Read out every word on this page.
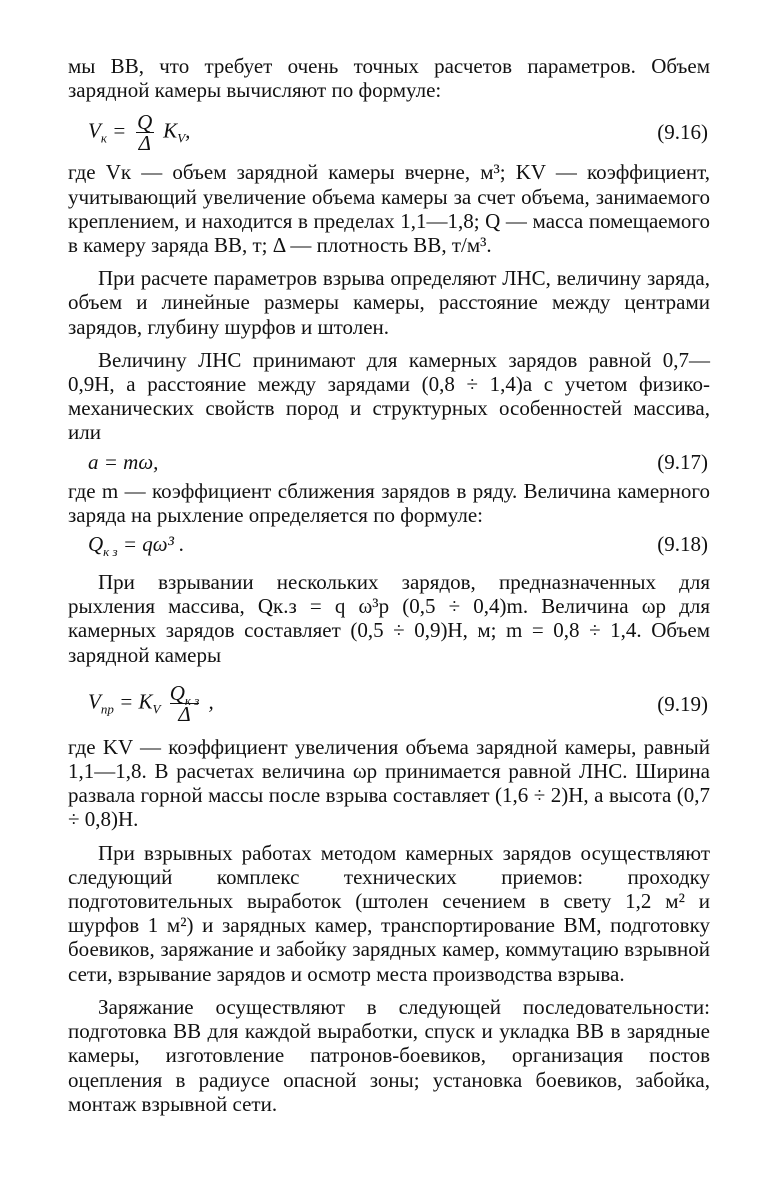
мы ВВ, что требует очень точных расчетов параметров. Объем зарядной камеры вычисляют по формуле:

$V_к = \frac{Q}{\Delta} K_V$,	(9.16)

где Vк — объем зарядной камеры вчерне, м³; KV — коэффициент, учитывающий увеличение объема камеры за счет объема, занимаемого креплением, и находится в пределах 1,1—1,8; Q — масса помещаемого в камеру заряда ВВ, т; Δ — плотность ВВ, т/м³.

При расчете параметров взрыва определяют ЛНС, величину заряда, объем и линейные размеры камеры, расстояние между центрами зарядов, глубину шурфов и штолен.

Величину ЛНС принимают для камерных зарядов равной 0,7—0,9H, а расстояние между зарядами (0,8 ÷ 1,4)a с учетом физико-механических свойств пород и структурных особенностей массива, или

a = mω,	(9.17)

где m — коэффициент сближения зарядов в ряду. Величина камерного заряда на рыхление определяется по формуле:

$Q_{к з} = q\omega^3$ .	(9.18)

При взрывании нескольких зарядов, предназначенных для рыхления массива, Qк.з = q ω³р (0,5 ÷ 0,4)m. Величина ωр для камерных зарядов составляет (0,5 ÷ 0,9)H, м; m = 0,8 ÷ 1,4. Объем зарядной камеры

$V_{пр} = K_V \frac{Q_{к з}}{\Delta}$ ,	(9.19)

где KV — коэффициент увеличения объема зарядной камеры, равный 1,1—1,8. В расчетах величина ωр принимается равной ЛНС. Ширина развала горной массы после взрыва составляет (1,6 ÷ 2)H, а высота (0,7 ÷ 0,8)H.

При взрывных работах методом камерных зарядов осуществляют следующий комплекс технических приемов: проходку подготовительных выработок (штолен сечением в свету 1,2 м² и шурфов 1 м²) и зарядных камер, транспортирование ВМ, подготовку боевиков, заряжание и забойку зарядных камер, коммутацию взрывной сети, взрывание зарядов и осмотр места производства взрыва.

Заряжание осуществляют в следующей последовательности: подготовка ВВ для каждой выработки, спуск и укладка ВВ в зарядные камеры, изготовление патронов-боевиков, организация постов оцепления в радиусе опасной зоны; установка боевиков, забойка, монтаж взрывной сети.
